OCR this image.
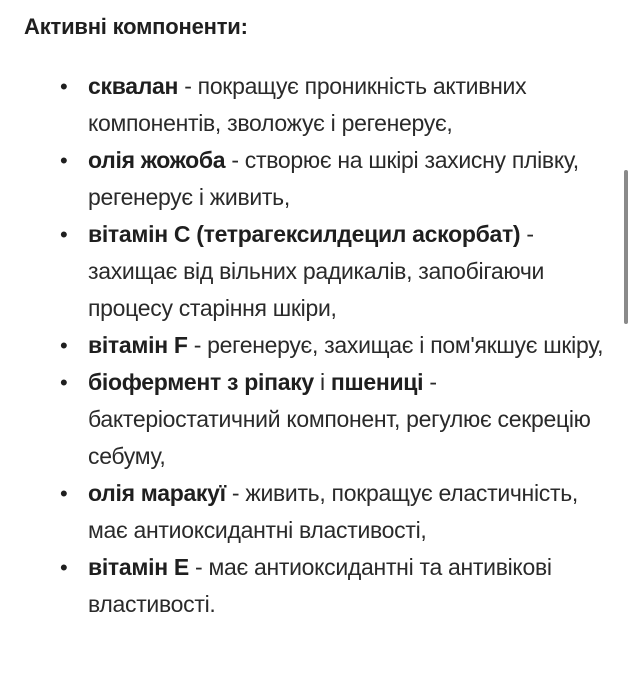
Активні компоненти:
• сквалан - покращує проникність активних компонентів, зволожує і регенерує,
• олія жожоба - створює на шкірі захисну плівку, регенерує і живить,
• вітамін С (тетрагексилдецил аскорбат) - захищає від вільних радикалів, запобігаючи процесу старіння шкіри,
• вітамін F - регенерує, захищає і пом'якшує шкіру,
• біофермент з ріпаку і пшениці - бактеріостатичний компонент, регулює секрецію себуму,
• олія маракуї - живить, покращує еластичність, має антиоксидантні властивості,
• вітамін Е - має антиоксидантні та антивікові властивості.
